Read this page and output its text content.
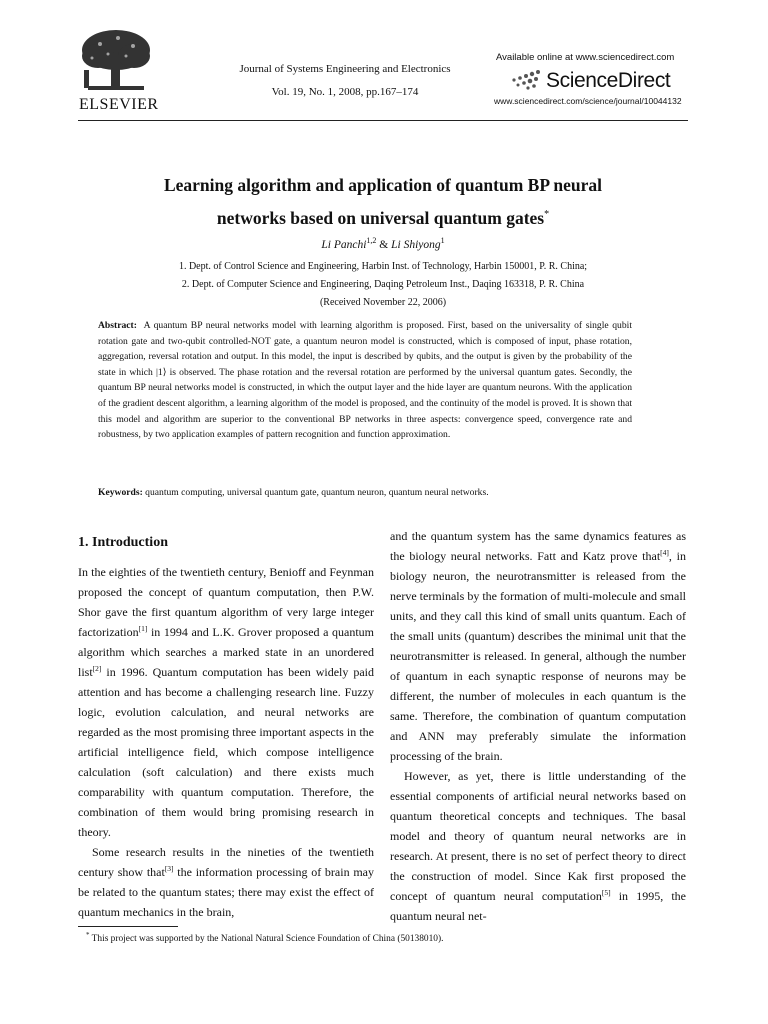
ELSEVIER
Journal of Systems Engineering and Electronics
Vol. 19, No. 1, 2008, pp.167–174
Available online at www.sciencedirect.com
ScienceDirect
www.sciencedirect.com/science/journal/10044132
Learning algorithm and application of quantum BP neural
networks based on universal quantum gates*
Li Panchi$^{1,2}$ & Li Shiyong$^1$
1. Dept. of Control Science and Engineering, Harbin Inst. of Technology, Harbin 150001, P. R. China;
2. Dept. of Computer Science and Engineering, Daqing Petroleum Inst., Daqing 163318, P. R. China
(Received November 22, 2006)
Abstract: A quantum BP neural networks model with learning algorithm is proposed. First, based on the universality of single qubit rotation gate and two-qubit controlled-NOT gate, a quantum neuron model is constructed, which is composed of input, phase rotation, aggregation, reversal rotation and output. In this model, the input is described by qubits, and the output is given by the probability of the state in which |1⟩ is observed. The phase rotation and the reversal rotation are performed by the universal quantum gates. Secondly, the quantum BP neural networks model is constructed, in which the output layer and the hide layer are quantum neurons. With the application of the gradient descent algorithm, a learning algorithm of the model is proposed, and the continuity of the model is proved. It is shown that this model and algorithm are superior to the conventional BP networks in three aspects: convergence speed, convergence rate and robustness, by two application examples of pattern recognition and function approximation.
Keywords: quantum computing, universal quantum gate, quantum neuron, quantum neural networks.
1. Introduction

In the eighties of the twentieth century, Benioff and Feynman proposed the concept of quantum computation, then P.W. Shor gave the first quantum algorithm of very large integer factorization[1] in 1994 and L.K. Grover proposed a quantum algorithm which searches a marked state in an unordered list[2] in 1996. Quantum computation has been widely paid attention and has become a challenging research line. Fuzzy logic, evolution calculation, and neural networks are regarded as the most promising three important aspects in the artificial intelligence field, which compose intelligence calculation (soft calculation) and there exists much comparability with quantum computation. Therefore, the combination of them would bring promising research in theory.

Some research results in the nineties of the twentieth century show that[3] the information processing of brain may be related to the quantum states; there may exist the effect of quantum mechanics in the brain,

and the quantum system has the same dynamics features as the biology neural networks. Fatt and Katz prove that[4], in biology neuron, the neurotransmitter is released from the nerve terminals by the formation of multi-molecule and small units, and they call this kind of small units quantum. Each of the small units (quantum) describes the minimal unit that the neurotransmitter is released. In general, although the number of quantum in each synaptic response of neurons may be different, the number of molecules in each quantum is the same. Therefore, the combination of quantum computation and ANN may preferably simulate the information processing of the brain.

However, as yet, there is little understanding of the essential components of artificial neural networks based on quantum theoretical concepts and techniques. The basal model and theory of quantum neural networks are in research. At present, there is no set of perfect theory to direct the construction of model. Since Kak first proposed the concept of quantum neural computation[5] in 1995, the quantum neural net-

* This project was supported by the National Natural Science Foundation of China (50138010).
